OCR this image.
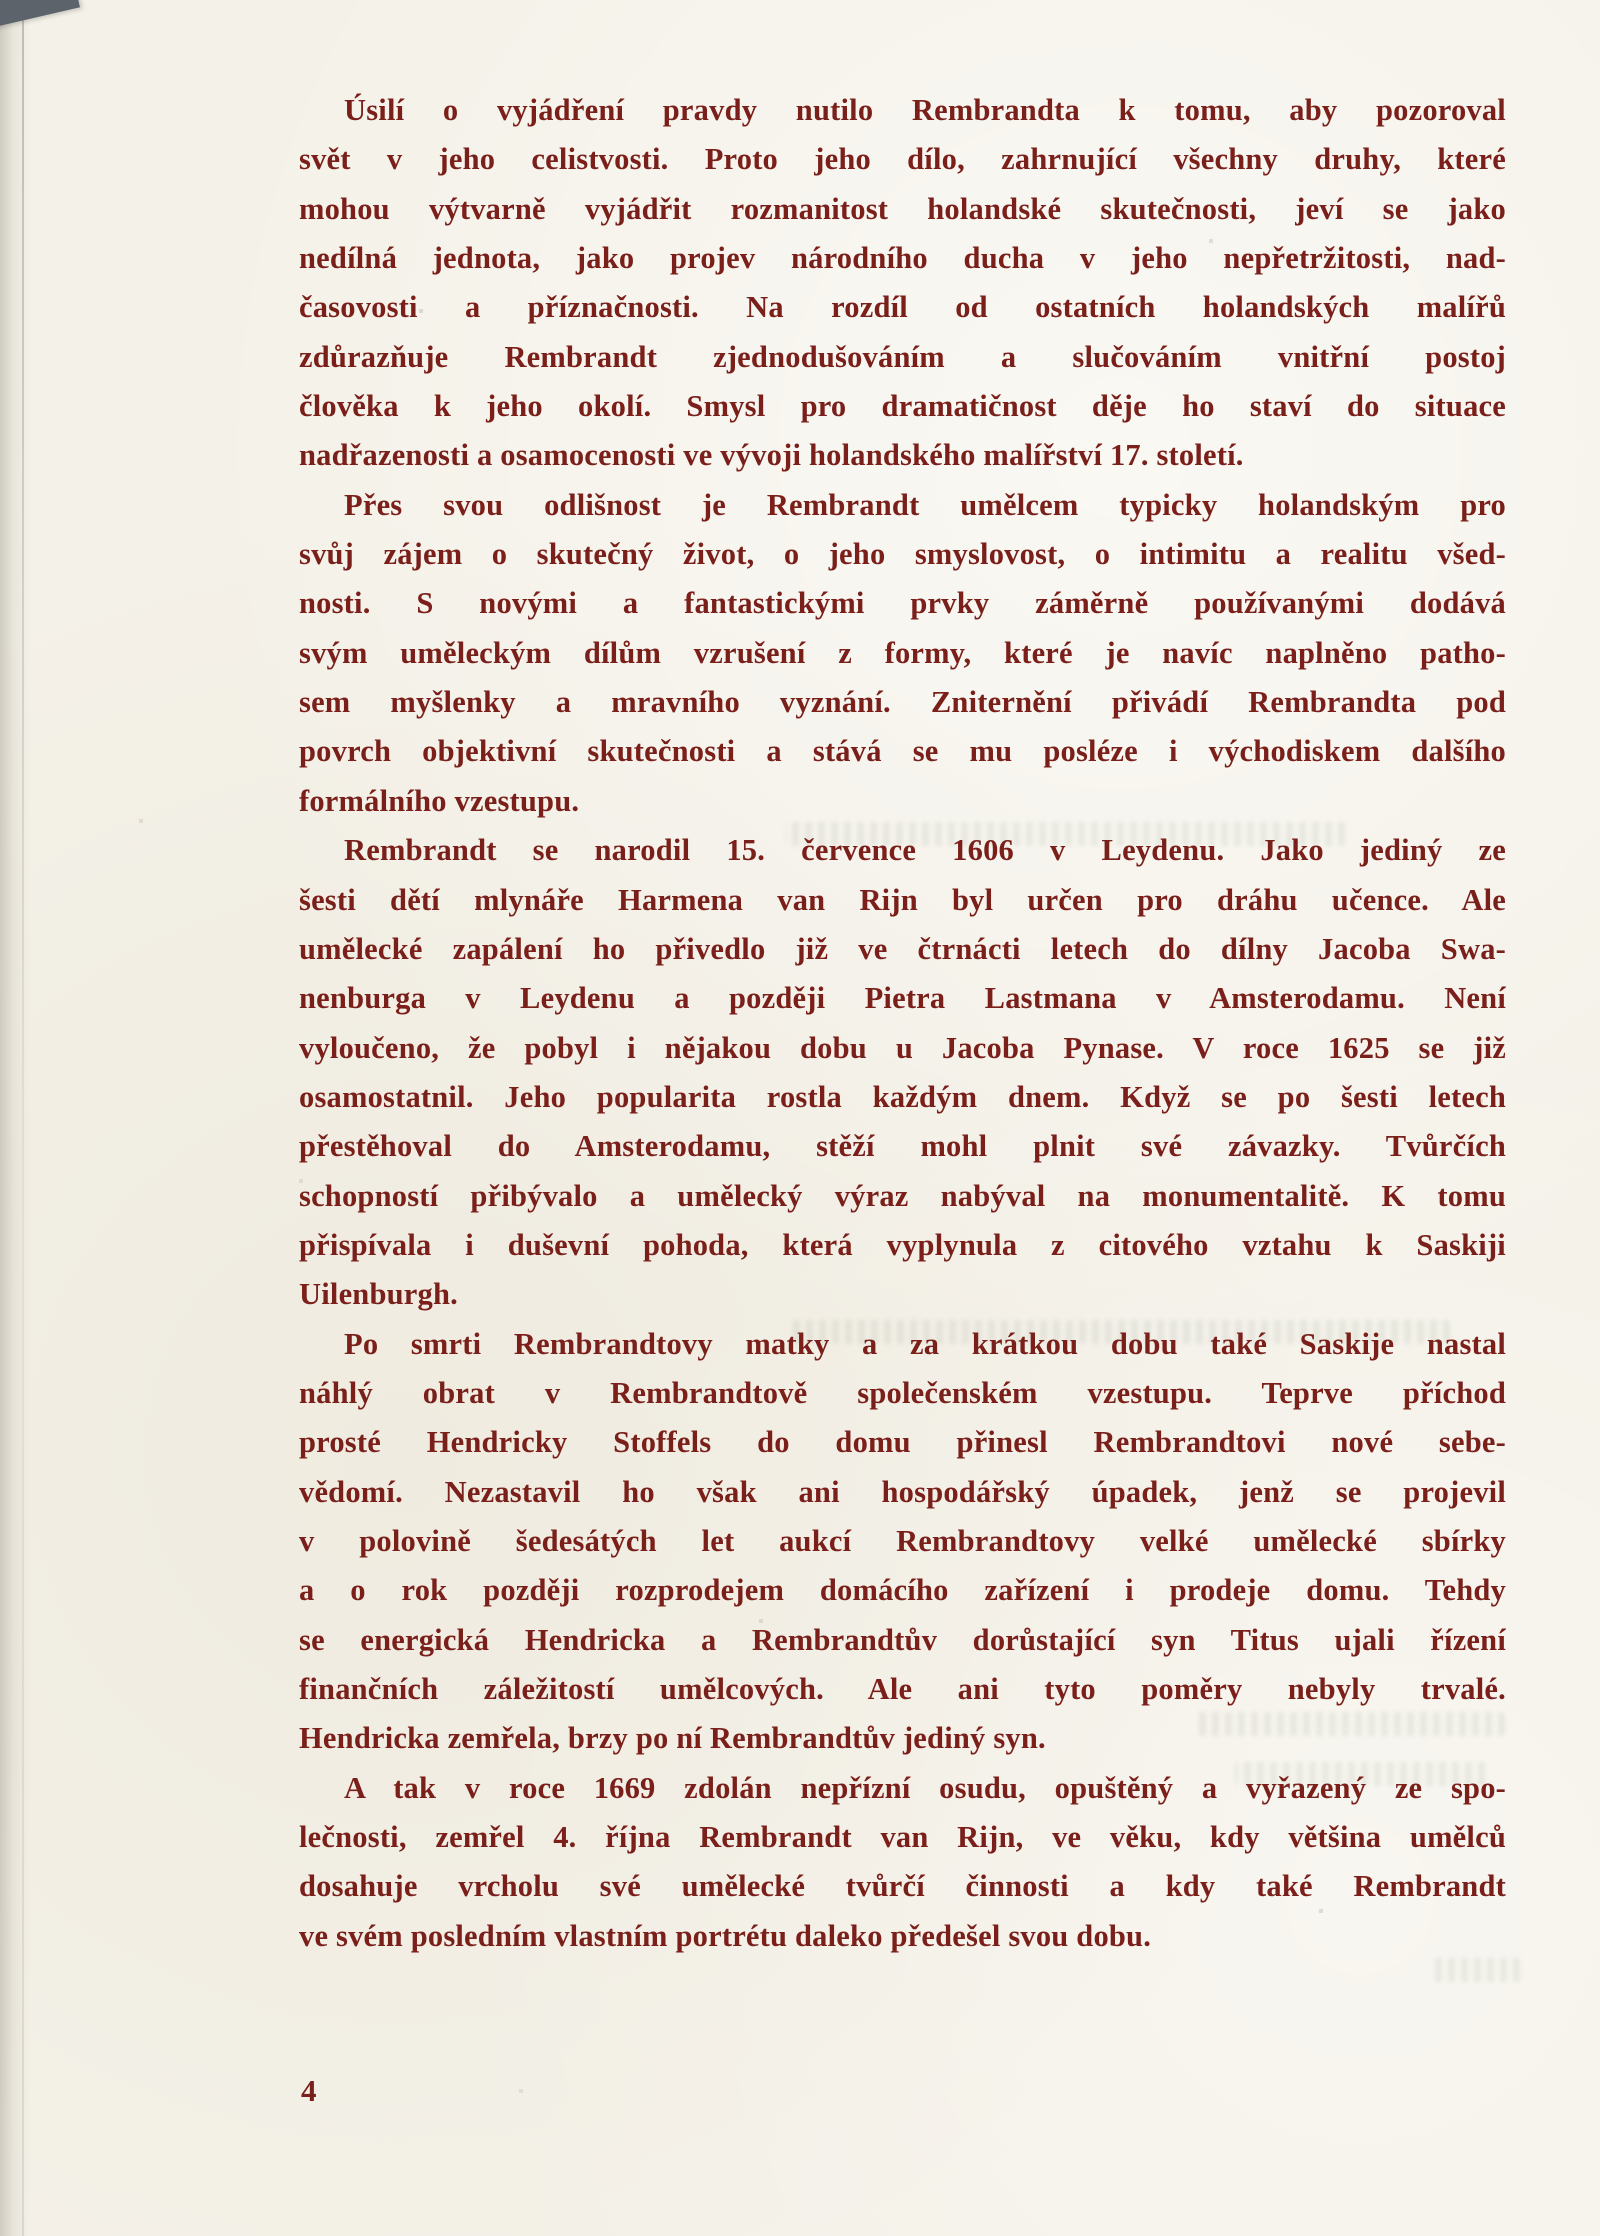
Úsilí o vyjádření pravdy nutilo Rembrandta k tomu, aby pozoroval
svět v jeho celistvosti. Proto jeho dílo, zahrnující všechny druhy, které
mohou výtvarně vyjádřit rozmanitost holandské skutečnosti, jeví se jako
nedílná jednota, jako projev národního ducha v jeho nepřetržitosti, nad-
časovosti a příznačnosti. Na rozdíl od ostatních holandských malířů
zdůrazňuje Rembrandt zjednodušováním a slučováním vnitřní postoj
člověka k jeho okolí. Smysl pro dramatičnost děje ho staví do situace
nadřazenosti a osamocenosti ve vývoji holandského malířství 17. století.
Přes svou odlišnost je Rembrandt umělcem typicky holandským pro
svůj zájem o skutečný život, o jeho smyslovost, o intimitu a realitu všed-
nosti. S novými a fantastickými prvky záměrně používanými dodává
svým uměleckým dílům vzrušení z formy, které je navíc naplněno patho-
sem myšlenky a mravního vyznání. Zniternění přivádí Rembrandta pod
povrch objektivní skutečnosti a stává se mu posléze i východiskem dalšího
formálního vzestupu.
Rembrandt se narodil 15. července 1606 v Leydenu. Jako jediný ze
šesti dětí mlynáře Harmena van Rijn byl určen pro dráhu učence. Ale
umělecké zapálení ho přivedlo již ve čtrnácti letech do dílny Jacoba Swa-
nenburga v Leydenu a později Pietra Lastmana v Amsterodamu. Není
vyloučeno, že pobyl i nějakou dobu u Jacoba Pynase. V roce 1625 se již
osamostatnil. Jeho popularita rostla každým dnem. Když se po šesti letech
přestěhoval do Amsterodamu, stěží mohl plnit své závazky. Tvůrčích
schopností přibývalo a umělecký výraz nabýval na monumentalitě. K tomu
přispívala i duševní pohoda, která vyplynula z citového vztahu k Saskiji
Uilenburgh.
Po smrti Rembrandtovy matky a za krátkou dobu také Saskije nastal
náhlý obrat v Rembrandtově společenském vzestupu. Teprve příchod
prosté Hendricky Stoffels do domu přinesl Rembrandtovi nové sebe-
vědomí. Nezastavil ho však ani hospodářský úpadek, jenž se projevil
v polovině šedesátých let aukcí Rembrandtovy velké umělecké sbírky
a o rok později rozprodejem domácího zařízení i prodeje domu. Tehdy
se energická Hendricka a Rembrandtův dorůstající syn Titus ujali řízení
finančních záležitostí umělcových. Ale ani tyto poměry nebyly trvalé.
Hendricka zemřela, brzy po ní Rembrandtův jediný syn.
A tak v roce 1669 zdolán nepřízní osudu, opuštěný a vyřazený ze spo-
lečnosti, zemřel 4. října Rembrandt van Rijn, ve věku, kdy většina umělců
dosahuje vrcholu své umělecké tvůrčí činnosti a kdy také Rembrandt
ve svém posledním vlastním portrétu daleko předešel svou dobu.
4
